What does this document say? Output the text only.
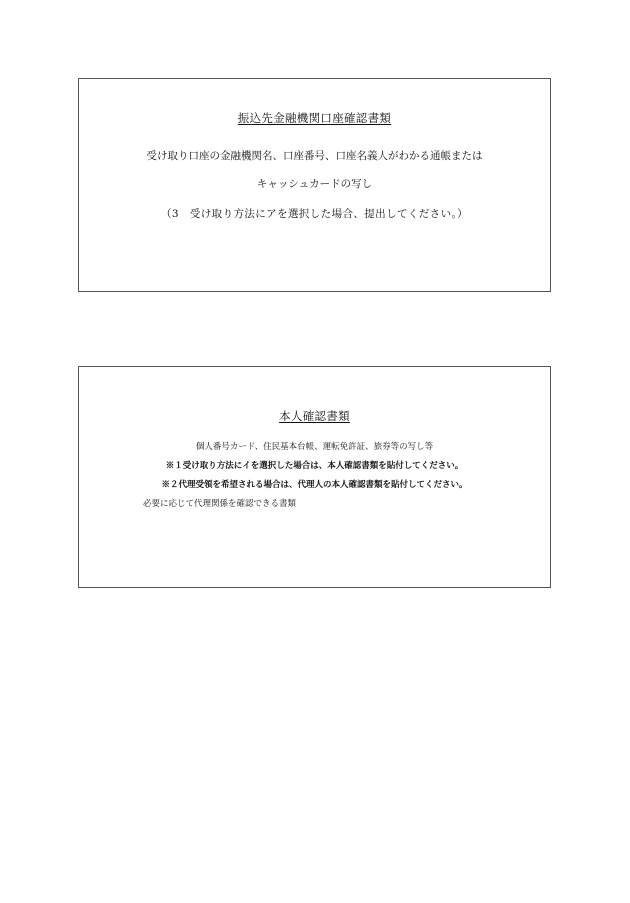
振込先金融機関口座確認書類
受け取り口座の金融機関名、口座番号、口座名義人がわかる通帳または
キャッシュカードの写し
（3　受け取り方法にアを選択した場合、提出してください。）
本人確認書類
個人番号カード、住民基本台帳、運転免許証、旅券等の写し等
※１受け取り方法にイを選択した場合は、本人確認書類を貼付してください。
※２代理受領を希望される場合は、代理人の本人確認書類を貼付してください。
必要に応じて代理関係を確認できる書類
